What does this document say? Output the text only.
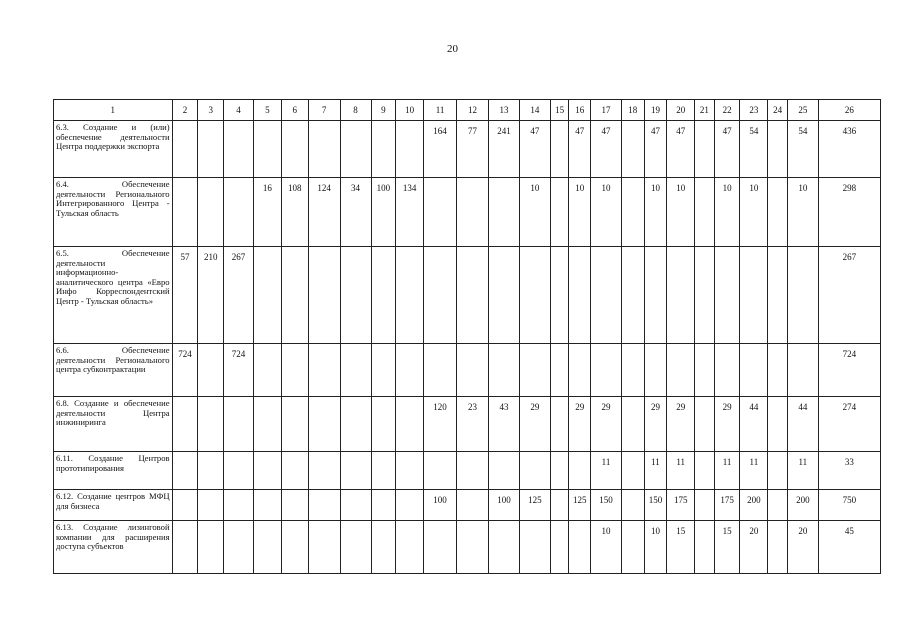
20
1	2	3	4	5	6	7	8	9	10	11	12	13	14	15	16	17	18	19	20	21	22	23	24	25	26
6.3. Создание и (или) обеспечение деятельности Центра поддержки экспорта										164	77	241	47		47	47		47	47		47	54		54	436
6.4. Обеспечение деятельности Регионального Интегрированного Центра - Тульская область				16	108	124	34	100	134				10		10	10		10	10		10	10		10	298
6.5. Обеспечение деятельности информационно-аналитического центра «Евро Инфо Корреспондентский Центр - Тульская область»	57	210	267																						267
6.6. Обеспечение деятельности Регионального центра субконтрактации	724		724																						724
6.8. Создание и обеспечение деятельности Центра инжиниринга										120	23	43	29		29	29		29	29		29	44		44	274
6.11. Создание Центров прототипирования																11		11	11		11	11		11	33
6.12. Создание центров МФЦ для бизнеса										100		100	125		125	150		150	175		175	200		200	750
6.13. Создание лизинговой компании для расширения доступа субъектов																10		10	15		15	20		20	45
